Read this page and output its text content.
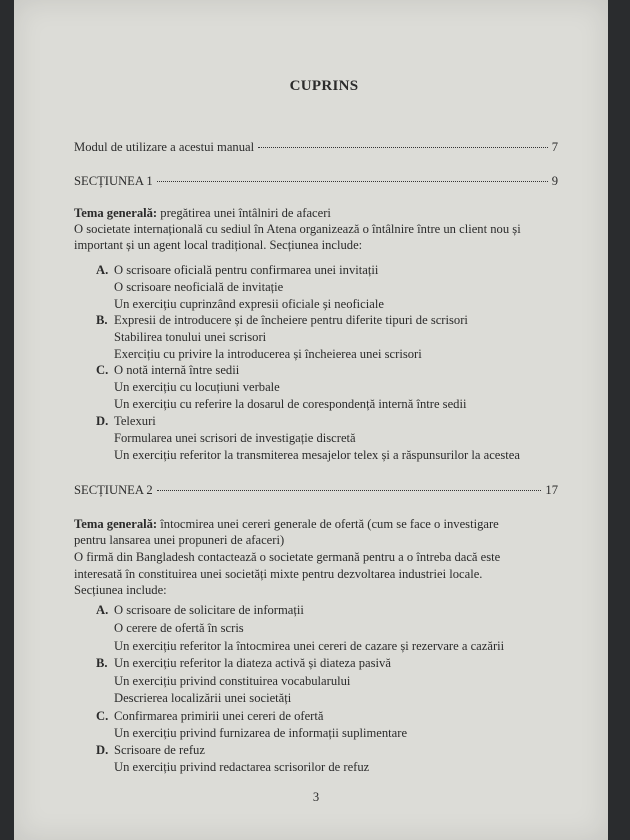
CUPRINS
Modul de utilizare a acestui manual	7
SECȚIUNEA 1	9
Tema generală: pregătirea unei întâlniri de afaceri
O societate internațională cu sediul în Atena organizează o întâlnire între un client nou și
important și un agent local tradițional. Secțiunea include:
A. O scrisoare oficială pentru confirmarea unei invitații
O scrisoare neoficială de invitație
Un exercițiu cuprinzând expresii oficiale și neoficiale
B. Expresii de introducere și de încheiere pentru diferite tipuri de scrisori
Stabilirea tonului unei scrisori
Exercițiu cu privire la introducerea și încheierea unei scrisori
C. O notă internă între sedii
Un exercițiu cu locuțiuni verbale
Un exercițiu cu referire la dosarul de corespondență internă între sedii
D. Telexuri
Formularea unei scrisori de investigație discretă
Un exercițiu referitor la transmiterea mesajelor telex și a răspunsurilor la acestea
SECȚIUNEA 2	17
Tema generală: întocmirea unei cereri generale de ofertă (cum se face o investigare
pentru lansarea unei propuneri de afaceri)
O firmă din Bangladesh contactează o societate germană pentru a o întreba dacă este
interesată în constituirea unei societăți mixte pentru dezvoltarea industriei locale.
Secțiunea include:
A. O scrisoare de solicitare de informații
O cerere de ofertă în scris
Un exercițiu referitor la întocmirea unei cereri de cazare și rezervare a cazării
B. Un exercițiu referitor la diateza activă și diateza pasivă
Un exercițiu privind constituirea vocabularului
Descrierea localizării unei societăți
C. Confirmarea primirii unei cereri de ofertă
Un exercițiu privind furnizarea de informații suplimentare
D. Scrisoare de refuz
Un exercițiu privind redactarea scrisorilor de refuz
3
